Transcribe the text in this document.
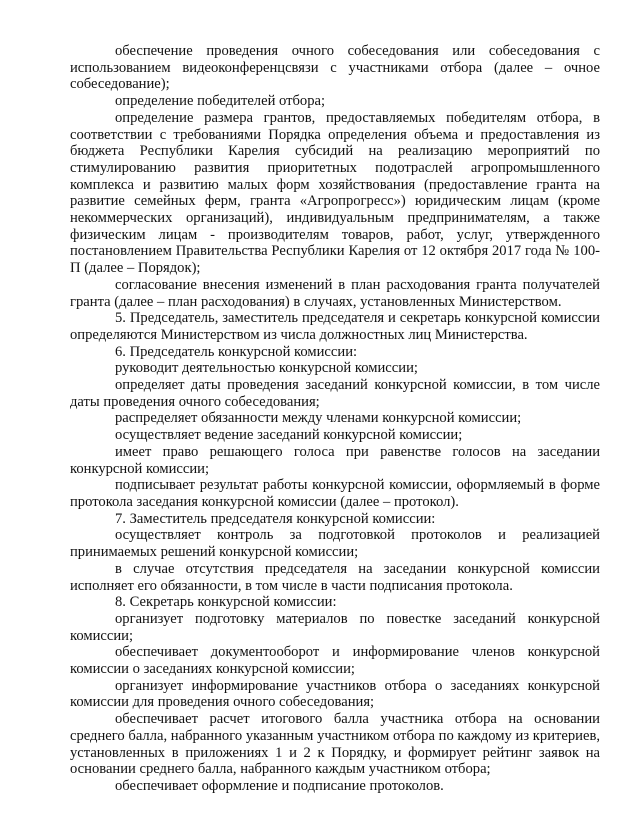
обеспечение проведения очного собеседования или собеседования с использованием видеоконференцсвязи с участниками отбора (далее – очное собеседование);

определение победителей отбора;

определение размера грантов, предоставляемых победителям отбора, в соответствии с требованиями Порядка определения объема и предоставления из бюджета Республики Карелия субсидий на реализацию мероприятий по стимулированию развития приоритетных подотраслей агропромышленного комплекса и развитию малых форм хозяйствования (предоставление гранта на развитие семейных ферм, гранта «Агропрогресс») юридическим лицам (кроме некоммерческих организаций), индивидуальным предпринимателям, а также физическим лицам - производителям товаров, работ, услуг, утвержденного постановлением Правительства Республики Карелия от 12 октября 2017 года № 100-П (далее – Порядок);

согласование внесения изменений в план расходования гранта получателей гранта (далее – план расходования) в случаях, установленных Министерством.

5. Председатель, заместитель председателя и секретарь конкурсной комиссии определяются Министерством из числа должностных лиц Министерства.

6. Председатель конкурсной комиссии:

руководит деятельностью конкурсной комиссии;

определяет даты проведения заседаний конкурсной комиссии, в том числе даты проведения очного собеседования;

распределяет обязанности между членами конкурсной комиссии;

осуществляет ведение заседаний конкурсной комиссии;

имеет право решающего голоса при равенстве голосов на заседании конкурсной комиссии;

подписывает результат работы конкурсной комиссии, оформляемый в форме протокола заседания конкурсной комиссии (далее – протокол).

7. Заместитель председателя конкурсной комиссии:

осуществляет контроль за подготовкой протоколов и реализацией принимаемых решений конкурсной комиссии;

в случае отсутствия председателя на заседании конкурсной комиссии исполняет его обязанности, в том числе в части подписания протокола.

8. Секретарь конкурсной комиссии:

организует подготовку материалов по повестке заседаний конкурсной комиссии;

обеспечивает документооборот и информирование членов конкурсной комиссии о заседаниях конкурсной комиссии;

организует информирование участников отбора о заседаниях конкурсной комиссии для проведения очного собеседования;

обеспечивает расчет итогового балла участника отбора на основании среднего балла, набранного указанным участником отбора по каждому из критериев, установленных в приложениях 1 и 2 к Порядку, и формирует рейтинг заявок на основании среднего балла, набранного каждым участником отбора;

обеспечивает оформление и подписание протоколов.
